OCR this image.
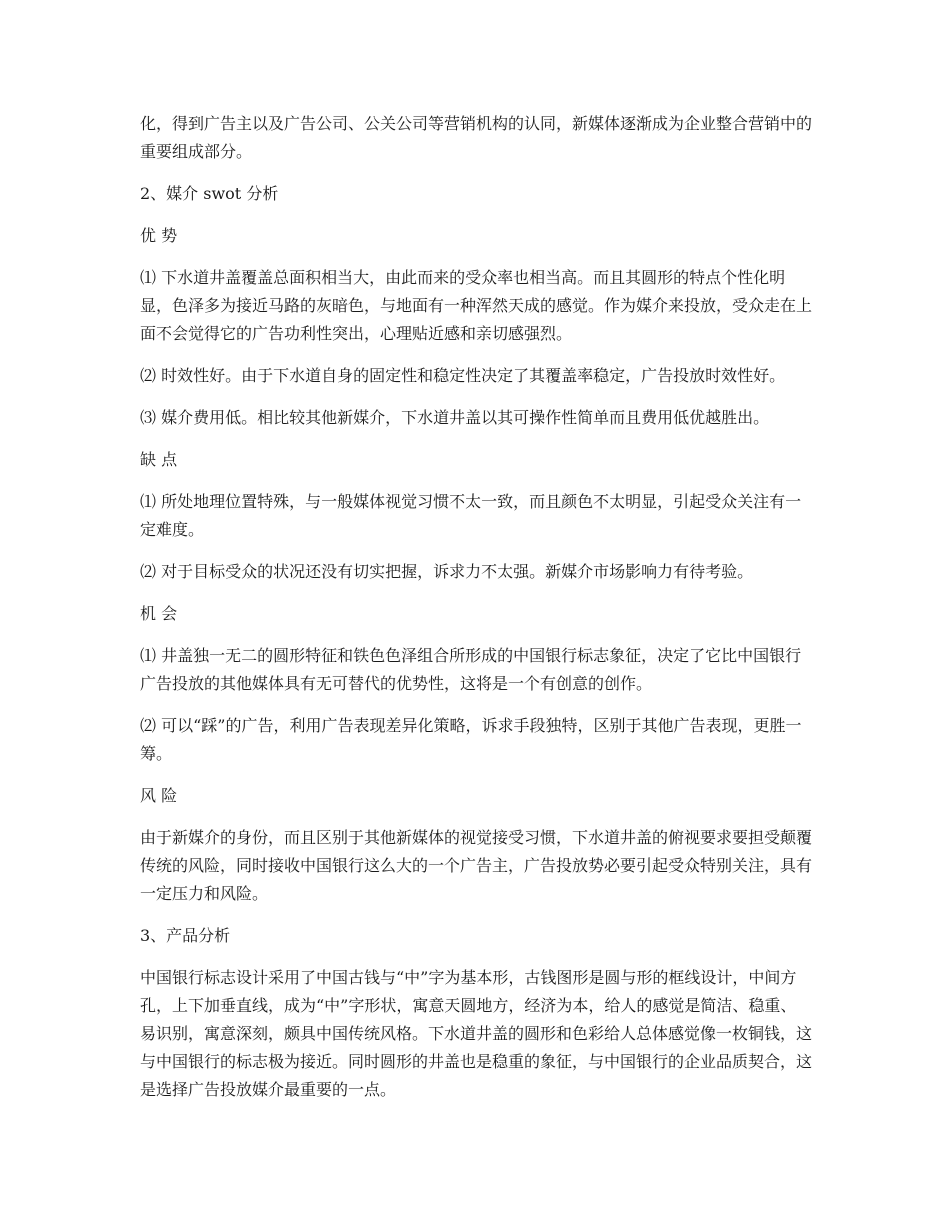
化，得到广告主以及广告公司、公关公司等营销机构的认同，新媒体逐渐成为企业整合营销中的重要组成部分。

2、媒介 swot 分析

优 势

⑴ 下水道井盖覆盖总面积相当大，由此而来的受众率也相当高。而且其圆形的特点个性化明显，色泽多为接近马路的灰暗色，与地面有一种浑然天成的感觉。作为媒介来投放，受众走在上面不会觉得它的广告功利性突出，心理贴近感和亲切感强烈。

⑵ 时效性好。由于下水道自身的固定性和稳定性决定了其覆盖率稳定，广告投放时效性好。

⑶ 媒介费用低。相比较其他新媒介，下水道井盖以其可操作性简单而且费用低优越胜出。

缺 点

⑴ 所处地理位置特殊，与一般媒体视觉习惯不太一致，而且颜色不太明显，引起受众关注有一定难度。

⑵ 对于目标受众的状况还没有切实把握，诉求力不太强。新媒介市场影响力有待考验。

机 会

⑴ 井盖独一无二的圆形特征和铁色色泽组合所形成的中国银行标志象征，决定了它比中国银行广告投放的其他媒体具有无可替代的优势性，这将是一个有创意的创作。

⑵ 可以“踩”的广告，利用广告表现差异化策略，诉求手段独特，区别于其他广告表现，更胜一筹。

风 险

由于新媒介的身份，而且区别于其他新媒体的视觉接受习惯，下水道井盖的俯视要求要担受颠覆传统的风险，同时接收中国银行这么大的一个广告主，广告投放势必要引起受众特别关注，具有一定压力和风险。

3、产品分析

中国银行标志设计采用了中国古钱与“中”字为基本形，古钱图形是圆与形的框线设计，中间方孔，上下加垂直线，成为“中”字形状，寓意天圆地方，经济为本，给人的感觉是简洁、稳重、易识别，寓意深刻，颇具中国传统风格。下水道井盖的圆形和色彩给人总体感觉像一枚铜钱，这与中国银行的标志极为接近。同时圆形的井盖也是稳重的象征，与中国银行的企业品质契合，这是选择广告投放媒介最重要的一点。
